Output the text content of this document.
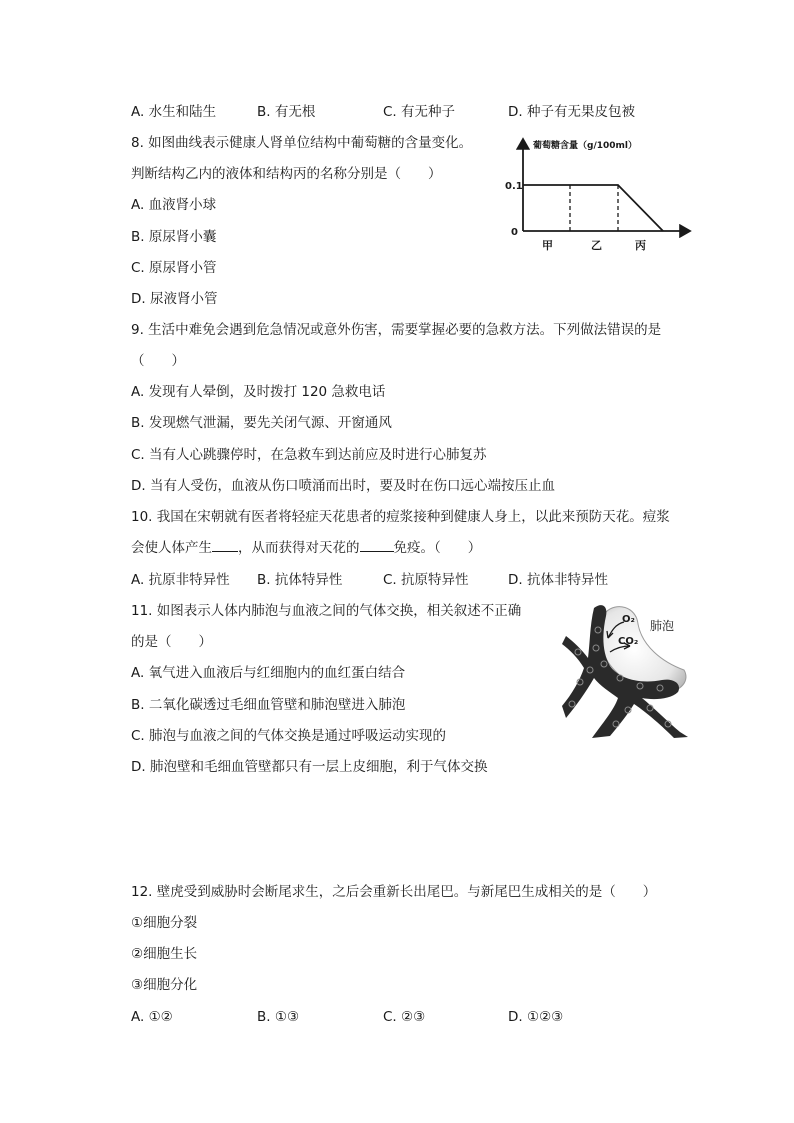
A. 水生和陆生	B. 有无根	C. 有无种子	D. 种子有无果皮包被
8. 如图曲线表示健康人肾单位结构中葡萄糖的含量变化。
判断结构乙内的液体和结构丙的名称分别是（　　）
A. 血液肾小球
B. 原尿肾小囊
C. 原尿肾小管
D. 尿液肾小管
葡萄糖含量（g/100ml）
0.1
0
甲	乙	丙
9. 生活中难免会遇到危急情况或意外伤害，需要掌握必要的急救方法。下列做法错误的是
（　　）
A. 发现有人晕倒，及时拨打 120 急救电话
B. 发现燃气泄漏，要先关闭气源、开窗通风
C. 当有人心跳骤停时，在急救车到达前应及时进行心肺复苏
D. 当有人受伤，血液从伤口喷涌而出时，要及时在伤口远心端按压止血
10. 我国在宋朝就有医者将轻症天花患者的痘浆接种到健康人身上，以此来预防天花。痘浆
会使人体产生 ，从而获得对天花的	免疫。（　　）
A. 抗原非特异性 B. 抗体特异性	C. 抗原特异性	D. 抗体非特异性
11. 如图表示人体内肺泡与血液之间的气体交换，相关叙述不正确
的是（　　）
A. 氧气进入血液后与红细胞内的血红蛋白结合
B. 二氧化碳透过毛细血管壁和肺泡壁进入肺泡
C. 肺泡与血液之间的气体交换是通过呼吸运动实现的
D. 肺泡壁和毛细血管壁都只有一层上皮细胞，利于气体交换
O₂
CO₂
肺泡
12. 壁虎受到威胁时会断尾求生，之后会重新长出尾巴。与新尾巴生成相关的是（　　）
①细胞分裂
②细胞生长
③细胞分化
A. ①②	B. ①③	C. ②③	D. ①②③
